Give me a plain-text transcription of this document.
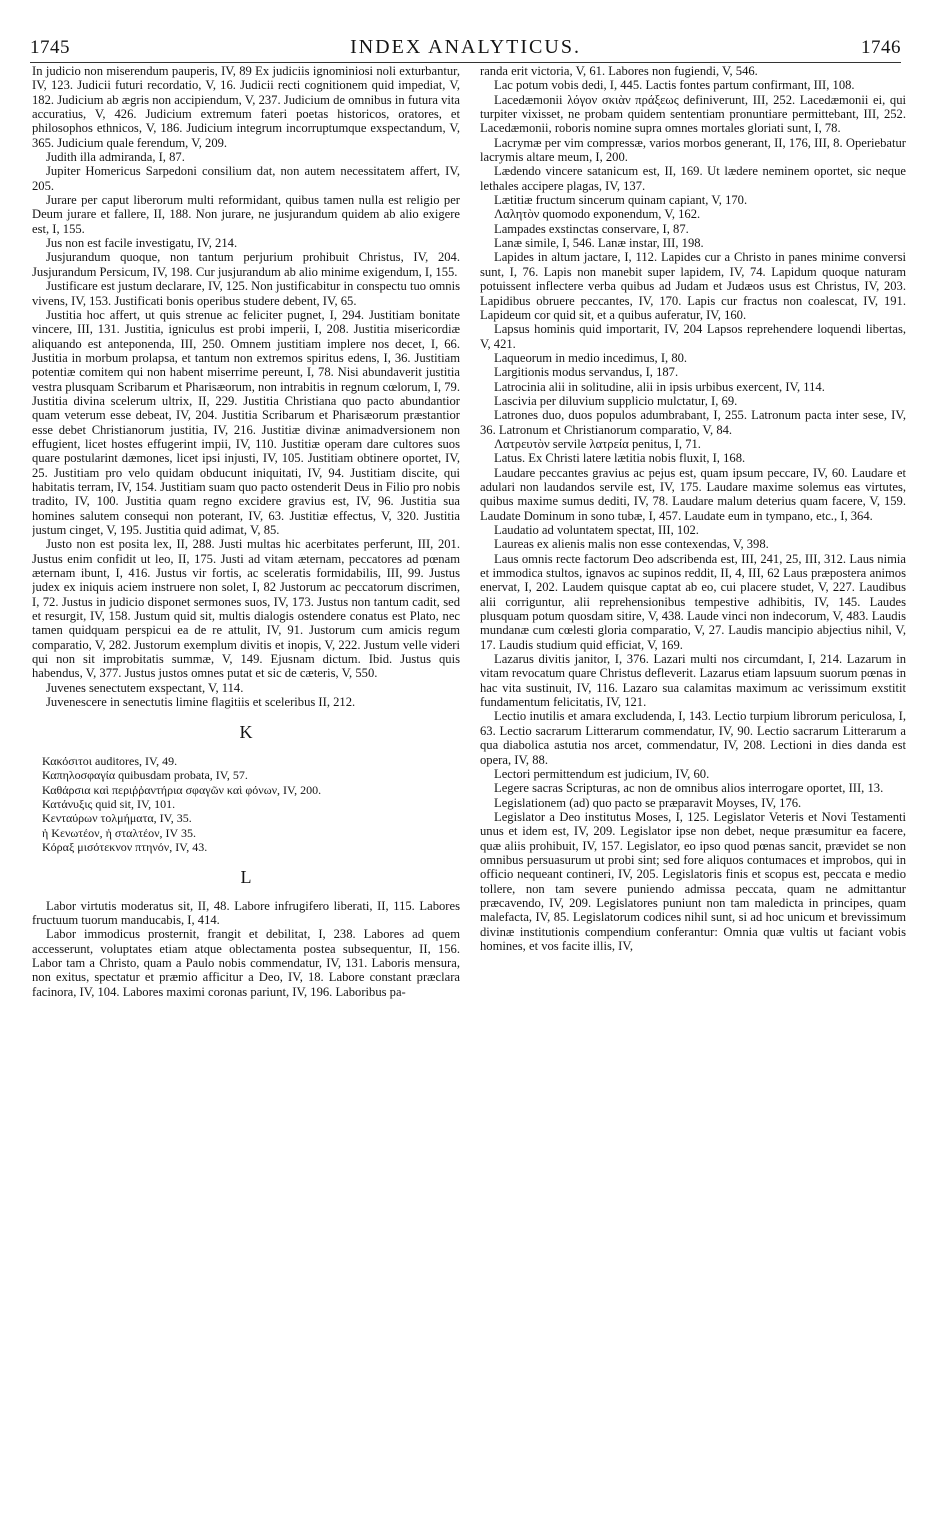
1745	INDEX ANALYTICUS.	1746

In judicio non miserendum pauperis, IV, 89 Ex judiciis ignominiosi noli exturbantur, IV, 123. Judicii futuri recordatio, V, 16. Judicii recti cognitionem quid impediat, V, 182. Judicium ab ægris non accipiendum, V, 237. Judicium de omnibus in futura vita accuratius, V, 426. Judicium extremum fateri poetas historicos, oratores, et philosophos ethnicos, V, 186. Judicium integrum incorruptumque exspectandum, V, 365. Judicium quale ferendum, V, 209.

Judith illa admiranda, I, 87.

Jupiter Homericus Sarpedoni consilium dat, non autem necessitatem affert, IV, 205.

Jurare per caput liberorum multi reformidant, quibus tamen nulla est religio per Deum jurare et fallere, II, 188. Non jurare, ne jusjurandum quidem ab alio exigere est, I, 155.

Jus non est facile investigatu, IV, 214.

Jusjurandum quoque, non tantum perjurium prohibuit Christus, IV, 204. Jusjurandum Persicum, IV, 198. Cur jusjurandum ab alio minime exigendum, I, 155.

Justificare est justum declarare, IV, 125. Non justificabitur in conspectu tuo omnis vivens, IV, 153. Justificati bonis operibus studere debent, IV, 65.

Justitia hoc affert, ut quis strenue ac feliciter pugnet, I, 294. Justitiam bonitate vincere, III, 131. Justitia, igniculus est probi imperii, I, 208. Justitia misericordiæ aliquando est anteponenda, III, 250. Omnem justitiam implere nos decet, I, 66. Justitia in morbum prolapsa, et tantum non extremos spiritus edens, I, 36. Justitiam potentiæ comitem qui non habent miserrime pereunt, I, 78. Nisi abundaverit justitia vestra plusquam Scribarum et Pharisæorum, non intrabitis in regnum cœlorum, I, 79. Justitia divina scelerum ultrix, II, 229. Justitia Christiana quo pacto abundantior quam veterum esse debeat, IV, 204. Justitia Scribarum et Pharisæorum præstantior esse debet Christianorum justitia, IV, 216. Justitiæ divinæ animadversionem non effugient, licet hostes effugerint impii, IV, 110. Justitiæ operam dare cultores suos quare postularint dæmones, licet ipsi injusti, IV, 105. Justitiam obtinere oportet, IV, 25. Justitiam pro velo quidam obducunt iniquitati, IV, 94. Justitiam discite, qui habitatis terram, IV, 154. Justitiam suam quo pacto ostenderit Deus in Filio pro nobis tradito, IV, 100. Justitia quam regno excidere gravius est, IV, 96. Justitia sua homines salutem consequi non poterant, IV, 63. Justitiæ effectus, V, 320. Justitia justum cinget, V, 195. Justitia quid adimat, V, 85.

Justo non est posita lex, II, 288. Justi multas hic acerbitates perferunt, III, 201. Justus enim confidit ut leo, II, 175. Justi ad vitam æternam, peccatores ad pœnam æternam ibunt, I, 416. Justus vir fortis, ac sceleratis formidabilis, III, 99. Justus judex ex iniquis aciem instruere non solet, I, 82 Justorum ac peccatorum discrimen, I, 72. Justus in judicio disponet sermones suos, IV, 173. Justus non tantum cadit, sed et resurgit, IV, 158. Justum quid sit, multis dialogis ostendere conatus est Plato, nec tamen quidquam perspicui ea de re attulit, IV, 91. Justorum cum amicis regum comparatio, V, 282. Justorum exemplum divitis et inopis, V, 222. Justum velle videri qui non sit improbitatis summæ, V, 149. Ejusnam dictum. Ibid. Justus quis habendus, V, 377. Justus justos omnes putat et sic de cæteris, V, 550.

Juvenes senectutem exspectant, V, 114.

Juvenescere in senectutis limine flagitiis et sceleribus II, 212.

K

Κακόσιτοι auditores, IV, 49.

Καπηλοσφαγία quibusdam probata, IV, 57.

Καθάρσια καὶ περιῤῥαντήρια σφαγῶν καὶ φόνων, IV, 200.

Κατάνυξις quid sit, IV, 101.

Κενταύρων τολμήματα, IV, 35.

ἡ Κενωτέον, ἡ σταλτέον, IV 35.

Κόραξ μισότεκνον πτηνόν, IV, 43.

L

Labor virtutis moderatus sit, II, 48. Labore infrugifero liberati, II, 115. Labores fructuum tuorum manducabis, I, 414.

Labor immodicus prosternit, frangit et debilitat, I, 238. Labores ad quem accesserunt, voluptates etiam atque oblectamenta postea subsequentur, II, 156. Labor tam a Christo, quam a Paulo nobis commendatur, IV, 131. Laboris mensura, non exitus, spectatur et præmio afficitur a Deo, IV, 18. Labore constant præclara facinora, IV, 104. Labores maximi coronas pariunt, IV, 196. Laboribus pa-

randa erit victoria, V, 61. Labores non fugiendi, V, 546.

Lac potum vobis dedi, I, 445. Lactis fontes partum confirmant, III, 108.

Lacedæmonii λόγον σκιὰν πράξεως definiverunt, III, 252. Lacedæmonii ei, qui turpiter vixisset, ne probam quidem sententiam pronuntiare permittebant, III, 252. Lacedæmonii, roboris nomine supra omnes mortales gloriati sunt, I, 78.

Lacrymæ per vim compressæ, varios morbos generant, II, 176, III, 8. Operiebatur lacrymis altare meum, I, 200.

Lædendo vincere satanicum est, II, 169. Ut lædere neminem oportet, sic neque lethales accipere plagas, IV, 137.

Lætitiæ fructum sincerum quinam capiant, V, 170.

Λαλητὸν quomodo exponendum, V, 162.

Lampades exstinctas conservare, I, 87.

Lanæ simile, I, 546. Lanæ instar, III, 198.

Lapides in altum jactare, I, 112. Lapides cur a Christo in panes minime conversi sunt, I, 76. Lapis non manebit super lapidem, IV, 74. Lapidum quoque naturam potuissent inflectere verba quibus ad Judam et Judæos usus est Christus, IV, 203. Lapidibus obruere peccantes, IV, 170. Lapis cur fractus non coalescat, IV, 191. Lapideum cor quid sit, et a quibus auferatur, IV, 160.

Lapsus hominis quid importarit, IV, 204 Lapsos reprehendere loquendi libertas, V, 421.

Laqueorum in medio incedimus, I, 80.

Largitionis modus servandus, I, 187.

Latrocinia alii in solitudine, alii in ipsis urbibus exercent, IV, 114.

Lascivia per diluvium supplicio mulctatur, I, 69.

Latrones duo, duos populos adumbrabant, I, 255. Latronum pacta inter sese, IV, 36. Latronum et Christianorum comparatio, V, 84.

Λατρευτὸν servile λατρεία penitus, I, 71.

Latus. Ex Christi latere lætitia nobis fluxit, I, 168.

Laudare peccantes gravius ac pejus est, quam ipsum peccare, IV, 60. Laudare et adulari non laudandos servile est, IV, 175. Laudare maxime solemus eas virtutes, quibus maxime sumus dediti, IV, 78. Laudare malum deterius quam facere, V, 159. Laudate Dominum in sono tubæ, I, 457. Laudate eum in tympano, etc., I, 364.

Laudatio ad voluntatem spectat, III, 102.

Laureas ex alienis malis non esse contexendas, V, 398.

Laus omnis recte factorum Deo adscribenda est, III, 241, 25, III, 312. Laus nimia et immodica stultos, ignavos ac supinos reddit, II, 4, III, 62 Laus præpostera animos enervat, I, 202. Laudem quisque captat ab eo, cui placere studet, V, 227. Laudibus alii corriguntur, alii reprehensionibus tempestive adhibitis, IV, 145. Laudes plusquam potum quosdam sitire, V, 438. Laude vinci non indecorum, V, 483. Laudis mundanæ cum cœlesti gloria comparatio, V, 27. Laudis mancipio abjectius nihil, V, 17. Laudis studium quid efficiat, V, 169.

Lazarus divitis janitor, I, 376. Lazari multi nos circumdant, I, 214. Lazarum in vitam revocatum quare Christus defleverit. Lazarus etiam lapsuum suorum pœnas in hac vita sustinuit, IV, 116. Lazaro sua calamitas maximum ac verissimum exstitit fundamentum felicitatis, IV, 121.

Lectio inutilis et amara excludenda, I, 143. Lectio turpium librorum periculosa, I, 63. Lectio sacrarum Litterarum commendatur, IV, 90. Lectio sacrarum Litterarum a qua diabolica astutia nos arcet, commendatur, IV, 208. Lectioni in dies danda est opera, IV, 88.

Lectori permittendum est judicium, IV, 60.

Legere sacras Scripturas, ac non de omnibus alios interrogare oportet, III, 13.

Legislationem (ad) quo pacto se præparavit Moyses, IV, 176.

Legislator a Deo institutus Moses, I, 125. Legislator Veteris et Novi Testamenti unus et idem est, IV, 209. Legislator ipse non debet, neque præsumitur ea facere, quæ aliis prohibuit, IV, 157. Legislator, eo ipso quod pœnas sancit, prævidet se non omnibus persuasurum ut probi sint; sed fore aliquos contumaces et improbos, qui in officio nequeant contineri, IV, 205. Legislatoris finis et scopus est, peccata e medio tollere, non tam severe puniendo admissa peccata, quam ne admittantur præcavendo, IV, 209. Legislatores puniunt non tam maledicta in principes, quam malefacta, IV, 85. Legislatorum codices nihil sunt, si ad hoc unicum et brevissimum divinæ institutionis compendium conferantur: Omnia quæ vultis ut faciant vobis homines, et vos facite illis, IV,
